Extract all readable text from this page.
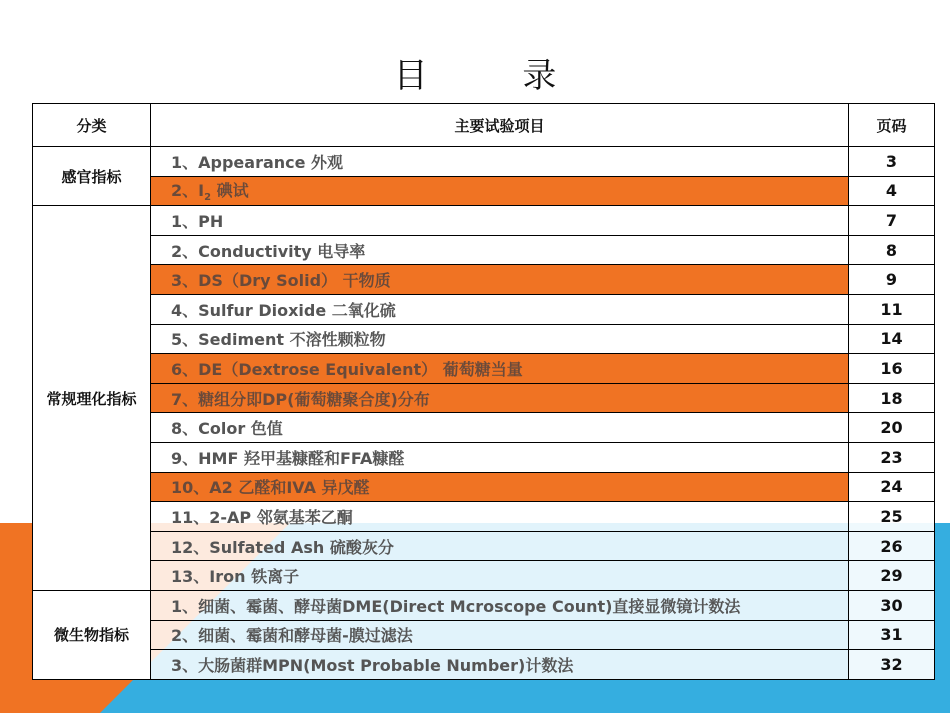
目 录
分类	主要试验项目	页码
感官指标	1、Appearance 外观	3
	2、$I_2$ 碘试	4
常规理化指标	1、PH	7
	2、Conductivity 电导率	8
	3、DS（Dry Solid） 干物质	9
	4、Sulfur Dioxide 二氧化硫	11
	5、Sediment 不溶性颗粒物	14
	6、DE（Dextrose Equivalent） 葡萄糖当量	16
	7、糖组分即DP(葡萄糖聚合度)分布	18
	8、Color 色值	20
	9、HMF 羟甲基糠醛和FFA糠醛	23
	10、A2 乙醛和IVA 异戊醛	24
	11、2-AP 邻氨基苯乙酮	25
	12、Sulfated Ash 硫酸灰分	26
	13、Iron 铁离子	29
微生物指标	1、细菌、霉菌、酵母菌DME(Direct Mcroscope Count)直接显微镜计数法	30
	2、细菌、霉菌和酵母菌-膜过滤法	31
	3、大肠菌群MPN(Most Probable Number)计数法	32
